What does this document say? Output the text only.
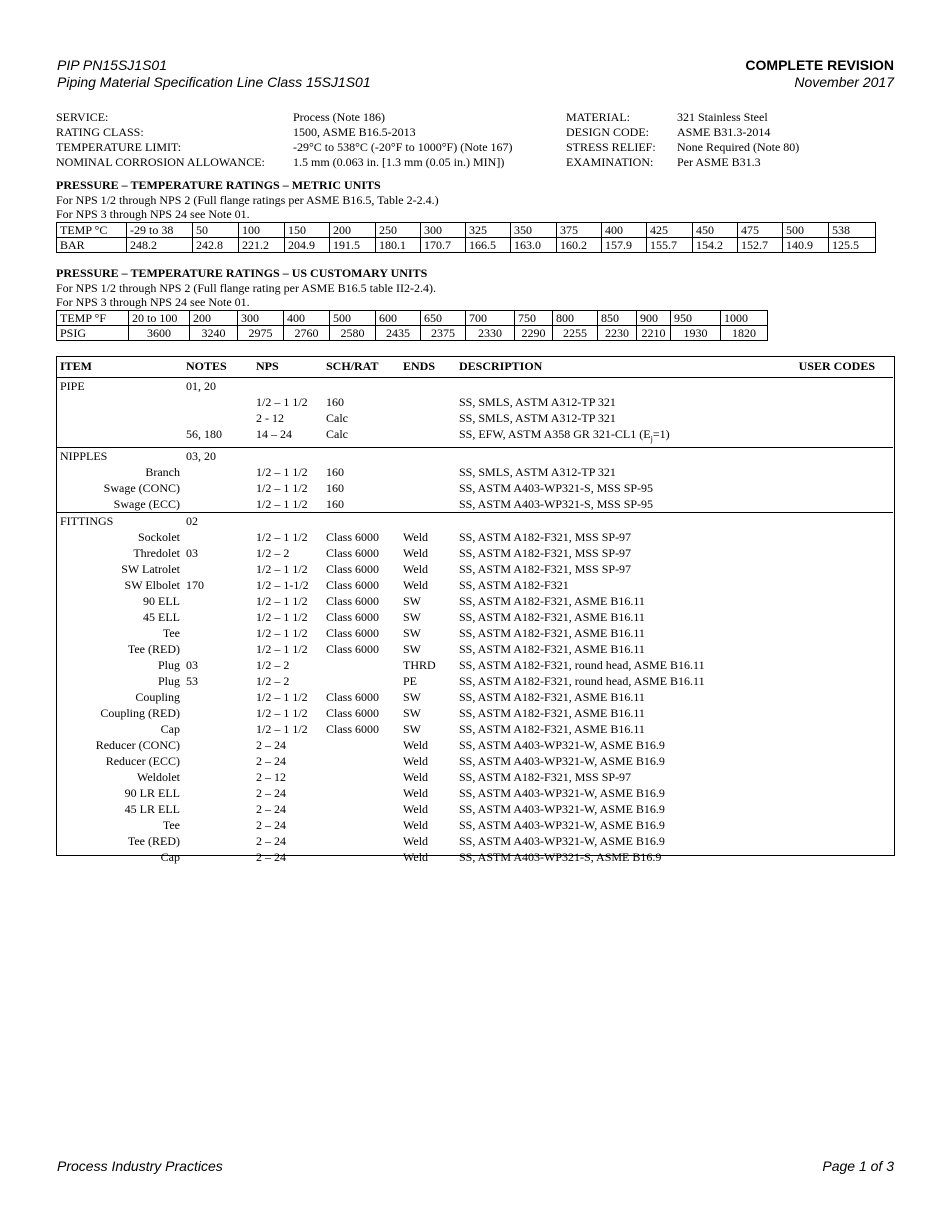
PIP PN15SJ1S01
Piping Material Specification Line Class 15SJ1S01
COMPLETE REVISION
November 2017
SERVICE:	Process (Note 186)	MATERIAL:	321 Stainless Steel
RATING CLASS:	1500, ASME B16.5-2013	DESIGN CODE:	ASME B31.3-2014
TEMPERATURE LIMIT:	-29°C to 538°C (-20°F to 1000°F) (Note 167)	STRESS RELIEF:	None Required (Note 80)
NOMINAL CORROSION ALLOWANCE:	1.5 mm (0.063 in. [1.3 mm (0.05 in.) MIN])	EXAMINATION:	Per ASME B31.3
PRESSURE – TEMPERATURE RATINGS – METRIC UNITS
For NPS 1/2 through NPS 2 (Full flange ratings per ASME B16.5, Table 2-2.4.)
For NPS 3 through NPS 24 see Note 01.
TEMP °C	-29 to 38	50	100	150	200	250	300	325	350	375	400	425	450	475	500	538
BAR	248.2	242.8	221.2	204.9	191.5	180.1	170.7	166.5	163.0	160.2	157.9	155.7	154.2	152.7	140.9	125.5
PRESSURE – TEMPERATURE RATINGS – US CUSTOMARY UNITS
For NPS 1/2 through NPS 2 (Full flange rating per ASME B16.5 table II2-2.4).
For NPS 3 through NPS 24 see Note 01.
TEMP °F	20 to 100	200	300	400	500	600	650	700	750	800	850	900	950	1000
PSIG	3600	3240	2975	2760	2580	2435	2375	2330	2290	2255	2230	2210	1930	1820
ITEM	NOTES	NPS	SCH/RAT	ENDS	DESCRIPTION	USER CODES
PIPE	01, 20					
		1/2 – 1 1/2	160		SS, SMLS, ASTM A312-TP 321	
		2 - 12	Calc		SS, SMLS, ASTM A312-TP 321	
	56, 180	14 – 24	Calc		SS, EFW, ASTM A358 GR 321-CL1 $(E_j=1)$	
NIPPLES	03, 20					
Branch		1/2 – 1 1/2	160		SS, SMLS, ASTM A312-TP 321	
Swage (CONC)		1/2 – 1 1/2	160		SS, ASTM A403-WP321-S, MSS SP-95	
Swage (ECC)		1/2 – 1 1/2	160		SS, ASTM A403-WP321-S, MSS SP-95	
FITTINGS	02					
Sockolet		1/2 – 1 1/2	Class 6000	Weld	SS, ASTM A182-F321, MSS SP-97	
Thredolet	03	1/2 – 2	Class 6000	Weld	SS, ASTM A182-F321, MSS SP-97	
SW Latrolet		1/2 – 1 1/2	Class 6000	Weld	SS, ASTM A182-F321, MSS SP-97	
SW Elbolet	170	1/2 – 1-1/2	Class 6000	Weld	SS, ASTM A182-F321	
90 ELL		1/2 – 1 1/2	Class 6000	SW	SS, ASTM A182-F321, ASME B16.11	
45 ELL		1/2 – 1 1/2	Class 6000	SW	SS, ASTM A182-F321, ASME B16.11	
Tee		1/2 – 1 1/2	Class 6000	SW	SS, ASTM A182-F321, ASME B16.11	
Tee (RED)		1/2 – 1 1/2	Class 6000	SW	SS, ASTM A182-F321, ASME B16.11	
Plug	03	1/2 – 2		THRD	SS, ASTM A182-F321, round head, ASME B16.11	
Plug	53	1/2 – 2		PE	SS, ASTM A182-F321, round head, ASME B16.11	
Coupling		1/2 – 1 1/2	Class 6000	SW	SS, ASTM A182-F321, ASME B16.11	
Coupling (RED)		1/2 – 1 1/2	Class 6000	SW	SS, ASTM A182-F321, ASME B16.11	
Cap		1/2 – 1 1/2	Class 6000	SW	SS, ASTM A182-F321, ASME B16.11	
Reducer (CONC)		2 – 24		Weld	SS, ASTM A403-WP321-W, ASME B16.9	
Reducer (ECC)		2 – 24		Weld	SS, ASTM A403-WP321-W, ASME B16.9	
Weldolet		2 – 12		Weld	SS, ASTM A182-F321, MSS SP-97	
90 LR ELL		2 – 24		Weld	SS, ASTM A403-WP321-W, ASME B16.9	
45 LR ELL		2 – 24		Weld	SS, ASTM A403-WP321-W, ASME B16.9	
Tee		2 – 24		Weld	SS, ASTM A403-WP321-W, ASME B16.9	
Tee (RED)		2 – 24		Weld	SS, ASTM A403-WP321-W, ASME B16.9	
Cap		2 – 24		Weld	SS, ASTM A403-WP321-S, ASME B16.9	
Process Industry Practices	Page 1 of 3
